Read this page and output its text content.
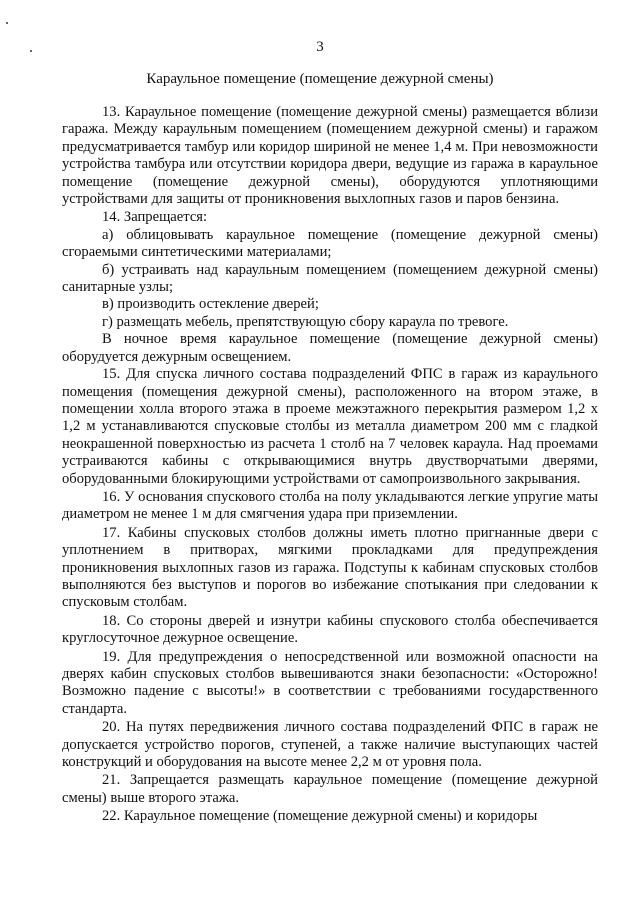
3
Караульное помещение (помещение дежурной смены)

13. Караульное помещение (помещение дежурной смены) размещается вблизи гаража. Между караульным помещением (помещением дежурной смены) и гаражом предусматривается тамбур или коридор шириной не менее 1,4 м. При невозможности устройства тамбура или отсутствии коридора двери, ведущие из гаража в караульное помещение (помещение дежурной смены), оборудуются уплотняющими устройствами для защиты от проникновения выхлопных газов и паров бензина.

14. Запрещается:

а) облицовывать караульное помещение (помещение дежурной смены) сгораемыми синтетическими материалами;

б) устраивать над караульным помещением (помещением дежурной смены) санитарные узлы;

в) производить остекление дверей;

г) размещать мебель, препятствующую сбору караула по тревоге.

В ночное время караульное помещение (помещение дежурной смены) оборудуется дежурным освещением.

15. Для спуска личного состава подразделений ФПС в гараж из караульного помещения (помещения дежурной смены), расположенного на втором этаже, в помещении холла второго этажа в проеме межэтажного перекрытия размером 1,2 х 1,2 м устанавливаются спусковые столбы из металла диаметром 200 мм с гладкой неокрашенной поверхностью из расчета 1 столб на 7 человек караула. Над проемами устраиваются кабины с открывающимися внутрь двустворчатыми дверями, оборудованными блокирующими устройствами от самопроизвольного закрывания.

16. У основания спускового столба на полу укладываются легкие упругие маты диаметром не менее 1 м для смягчения удара при приземлении.

17. Кабины спусковых столбов должны иметь плотно пригнанные двери с уплотнением в притворах, мягкими прокладками для предупреждения проникновения выхлопных газов из гаража. Подступы к кабинам спусковых столбов выполняются без выступов и порогов во избежание спотыкания при следовании к спусковым столбам.

18. Со стороны дверей и изнутри кабины спускового столба обеспечивается круглосуточное дежурное освещение.

19. Для предупреждения о непосредственной или возможной опасности на дверях кабин спусковых столбов вывешиваются знаки безопасности: «Осторожно! Возможно падение с высоты!» в соответствии с требованиями государственного стандарта.

20. На путях передвижения личного состава подразделений ФПС в гараж не допускается устройство порогов, ступеней, а также наличие выступающих частей конструкций и оборудования на высоте менее 2,2 м от уровня пола.

21. Запрещается размещать караульное помещение (помещение дежурной смены) выше второго этажа.

22. Караульное помещение (помещение дежурной смены) и коридоры
